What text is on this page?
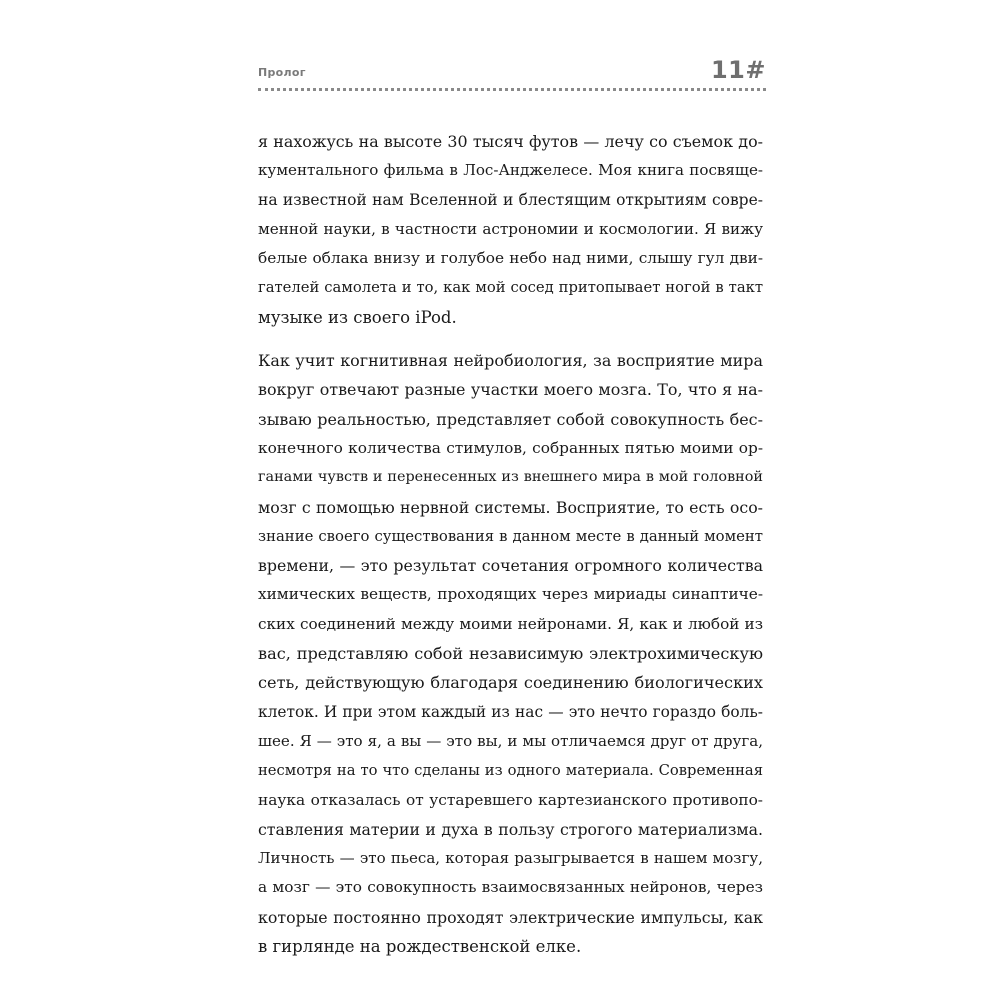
Пролог	11#

я нахожусь на высоте 30 тысяч футов — лечу со съемок до-
кументального фильма в Лос-Анджелесе. Моя книга посвяще-
на известной нам Вселенной и блестящим открытиям совре-
менной науки, в частности астрономии и космологии. Я вижу
белые облака внизу и голубое небо над ними, слышу гул дви-
гателей самолета и то, как мой сосед притопывает ногой в такт
музыке из своего iPod.

Как учит когнитивная нейробиология, за восприятие мира
вокруг отвечают разные участки моего мозга. То, что я на-
зываю реальностью, представляет собой совокупность бес-
конечного количества стимулов, собранных пятью моими ор-
ганами чувств и перенесенных из внешнего мира в мой головной
мозг с помощью нервной системы. Восприятие, то есть осо-
знание своего существования в данном месте в данный момент
времени, — это результат сочетания огромного количества
химических веществ, проходящих через мириады синаптиче-
ских соединений между моими нейронами. Я, как и любой из
вас, представляю собой независимую электрохимическую
сеть, действующую благодаря соединению биологических
клеток. И при этом каждый из нас — это нечто гораздо боль-
шее. Я — это я, а вы — это вы, и мы отличаемся друг от друга,
несмотря на то что сделаны из одного материала. Современная
наука отказалась от устаревшего картезианского противопо-
ставления материи и духа в пользу строгого материализма.
Личность — это пьеса, которая разыгрывается в нашем мозгу,
а мозг — это совокупность взаимосвязанных нейронов, через
которые постоянно проходят электрические импульсы, как
в гирлянде на рождественской елке.
